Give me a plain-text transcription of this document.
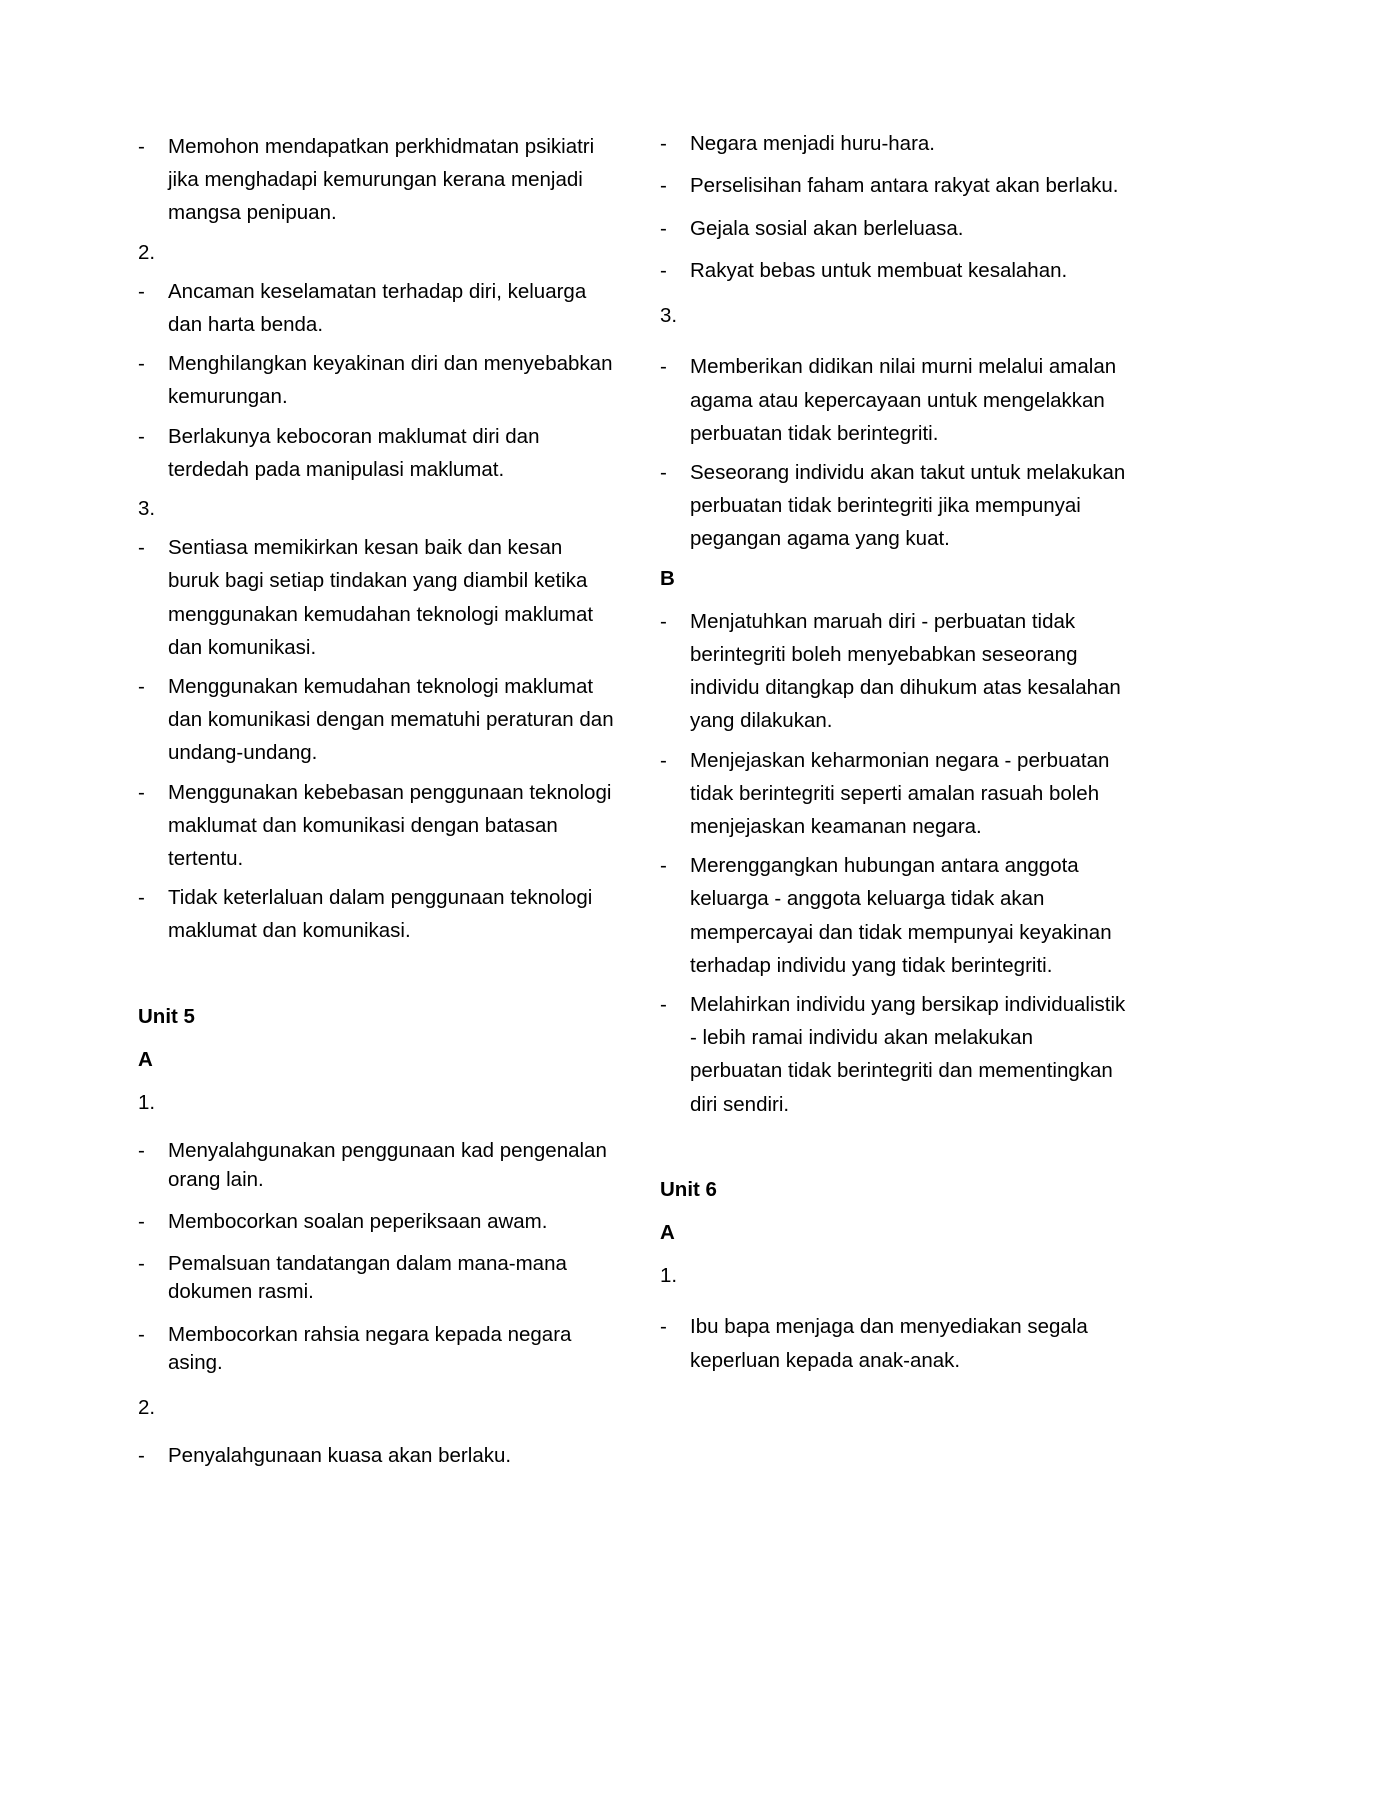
-	Memohon mendapatkan perkhidmatan psikiatri jika menghadapi kemurungan kerana menjadi mangsa penipuan.
2.
-	Ancaman keselamatan terhadap diri, keluarga dan harta benda.
-	Menghilangkan keyakinan diri dan menyebabkan kemurungan.
-	Berlakunya kebocoran maklumat diri dan terdedah pada manipulasi maklumat.
3.
-	Sentiasa memikirkan kesan baik dan kesan buruk bagi setiap tindakan yang diambil ketika menggunakan kemudahan teknologi maklumat dan komunikasi.
-	Menggunakan kemudahan teknologi maklumat dan komunikasi dengan mematuhi peraturan dan undang-undang.
-	Menggunakan kebebasan penggunaan teknologi maklumat dan komunikasi dengan batasan tertentu.
-	Tidak keterlaluan dalam penggunaan teknologi maklumat dan komunikasi.
Unit 5
A
1.
-	Menyalahgunakan penggunaan kad pengenalan orang lain.
-	Membocorkan soalan peperiksaan awam.
-	Pemalsuan tandatangan dalam mana-mana dokumen rasmi.
-	Membocorkan rahsia negara kepada negara asing.
2.
-	Penyalahgunaan kuasa akan berlaku.
-	Negara menjadi huru-hara.
-	Perselisihan faham antara rakyat akan berlaku.
-	Gejala sosial akan berleluasa.
-	Rakyat bebas untuk membuat kesalahan.
3.
-	Memberikan didikan nilai murni melalui amalan agama atau kepercayaan untuk mengelakkan perbuatan tidak berintegriti.
-	Seseorang individu akan takut untuk melakukan perbuatan tidak berintegriti jika mempunyai pegangan agama yang kuat.
B
-	Menjatuhkan maruah diri - perbuatan tidak berintegriti boleh menyebabkan seseorang individu ditangkap dan dihukum atas kesalahan yang dilakukan.
-	Menjejaskan keharmonian negara - perbuatan tidak berintegriti seperti amalan rasuah boleh menjejaskan keamanan negara.
-	Merenggangkan hubungan antara anggota keluarga - anggota keluarga tidak akan mempercayai dan tidak mempunyai keyakinan terhadap individu yang tidak berintegriti.
-	Melahirkan individu yang bersikap individualistik - lebih ramai individu akan melakukan perbuatan tidak berintegriti dan mementingkan diri sendiri.
Unit 6
A
1.
-	Ibu bapa menjaga dan menyediakan segala keperluan kepada anak-anak.
